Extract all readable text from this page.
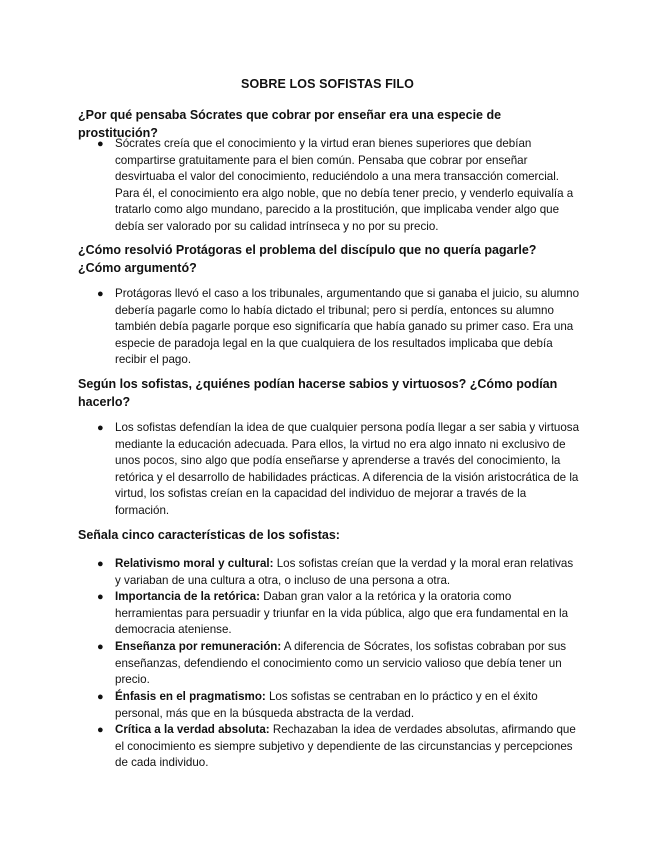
SOBRE LOS SOFISTAS FILO
¿Por qué pensaba Sócrates que cobrar por enseñar era una especie de prostitución?
● Sócrates creía que el conocimiento y la virtud eran bienes superiores que debían compartirse gratuitamente para el bien común. Pensaba que cobrar por enseñar desvirtuaba el valor del conocimiento, reduciéndolo a una mera transacción comercial. Para él, el conocimiento era algo noble, que no debía tener precio, y venderlo equivalía a tratarlo como algo mundano, parecido a la prostitución, que implicaba vender algo que debía ser valorado por su calidad intrínseca y no por su precio.
¿Cómo resolvió Protágoras el problema del discípulo que no quería pagarle? ¿Cómo argumentó?
● Protágoras llevó el caso a los tribunales, argumentando que si ganaba el juicio, su alumno debería pagarle como lo había dictado el tribunal; pero si perdía, entonces su alumno también debía pagarle porque eso significaría que había ganado su primer caso. Era una especie de paradoja legal en la que cualquiera de los resultados implicaba que debía recibir el pago.
Según los sofistas, ¿quiénes podían hacerse sabios y virtuosos? ¿Cómo podían hacerlo?
● Los sofistas defendían la idea de que cualquier persona podía llegar a ser sabia y virtuosa mediante la educación adecuada. Para ellos, la virtud no era algo innato ni exclusivo de unos pocos, sino algo que podía enseñarse y aprenderse a través del conocimiento, la retórica y el desarrollo de habilidades prácticas. A diferencia de la visión aristocrática de la virtud, los sofistas creían en la capacidad del individuo de mejorar a través de la formación.
Señala cinco características de los sofistas:
● Relativismo moral y cultural: Los sofistas creían que la verdad y la moral eran relativas y variaban de una cultura a otra, o incluso de una persona a otra.
● Importancia de la retórica: Daban gran valor a la retórica y la oratoria como herramientas para persuadir y triunfar en la vida pública, algo que era fundamental en la democracia ateniense.
● Enseñanza por remuneración: A diferencia de Sócrates, los sofistas cobraban por sus enseñanzas, defendiendo el conocimiento como un servicio valioso que debía tener un precio.
● Énfasis en el pragmatismo: Los sofistas se centraban en lo práctico y en el éxito personal, más que en la búsqueda abstracta de la verdad.
● Crítica a la verdad absoluta: Rechazaban la idea de verdades absolutas, afirmando que el conocimiento es siempre subjetivo y dependiente de las circunstancias y percepciones de cada individuo.
